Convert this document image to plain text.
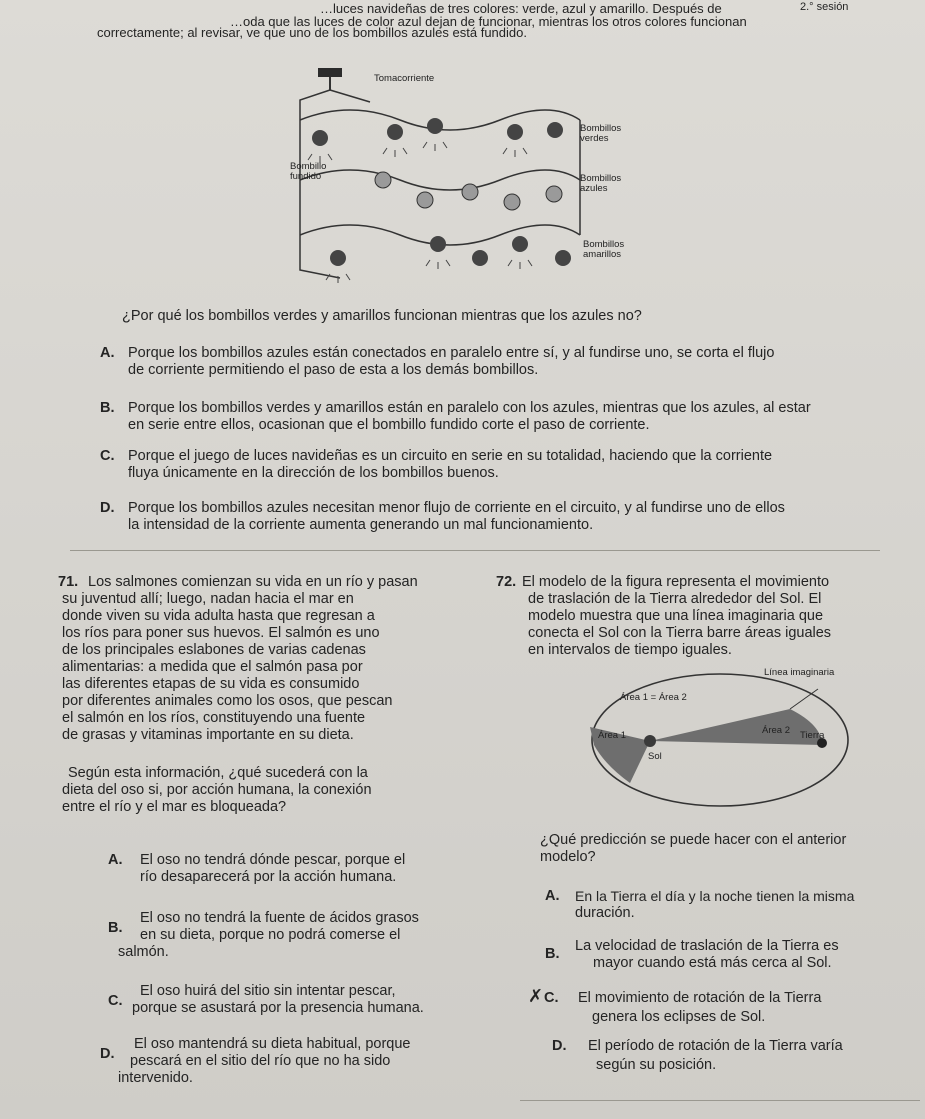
2.° sesión
…luces navideñas de tres colores: verde, azul y amarillo. Después de
…oda que las luces de color azul dejan de funcionar, mientras los otros colores funcionan
correctamente; al revisar, ve que uno de los bombillos azules está fundido.
Tomacorriente
Bombillos verdes
Bombillo fundido	Bombillos azules
Bombillos amarillos
¿Por qué los bombillos verdes y amarillos funcionan mientras que los azules no?
A. Porque los bombillos azules están conectados en paralelo entre sí, y al fundirse uno, se corta el flujo
de corriente permitiendo el paso de esta a los demás bombillos.
B. Porque los bombillos verdes y amarillos están en paralelo con los azules, mientras que los azules, al estar
en serie entre ellos, ocasionan que el bombillo fundido corte el paso de corriente.
C. Porque el juego de luces navideñas es un circuito en serie en su totalidad, haciendo que la corriente
fluya únicamente en la dirección de los bombillos buenos.
D. Porque los bombillos azules necesitan menor flujo de corriente en el circuito, y al fundirse uno de ellos
la intensidad de la corriente aumenta generando un mal funcionamiento.
71. Los salmones comienzan su vida en un río y pasan
su juventud allí; luego, nadan hacia el mar en
donde viven su vida adulta hasta que regresan a
los ríos para poner sus huevos. El salmón es uno
de los principales eslabones de varias cadenas
alimentarias: a medida que el salmón pasa por
las diferentes etapas de su vida es consumido
por diferentes animales como los osos, que pescan
el salmón en los ríos, constituyendo una fuente
de grasas y vitaminas importante en su dieta.
Según esta información, ¿qué sucederá con la
dieta del oso si, por acción humana, la conexión
entre el río y el mar es bloqueada?
A. El oso no tendrá dónde pescar, porque el
río desaparecerá por la acción humana.
B.
El oso no tendrá la fuente de ácidos grasos
en su dieta, porque no podrá comerse el
salmón.
C.
El oso huirá del sitio sin intentar pescar,
porque se asustará por la presencia humana.
D.
El oso mantendrá su dieta habitual, porque
pescará en el sitio del río que no ha sido
intervenido.
72. El modelo de la figura representa el movimiento
de traslación de la Tierra alrededor del Sol. El
modelo muestra que una línea imaginaria que
conecta el Sol con la Tierra barre áreas iguales
en intervalos de tiempo iguales.
Línea imaginaria
Área 1 = Área 2
Área 1	Área 2 Tierra
Sol
¿Qué predicción se puede hacer con el anterior
modelo?
A. En la Tierra el día y la noche tienen la misma
duración.
B. La velocidad de traslación de la Tierra es
mayor cuando está más cerca al Sol.
✗ C. El movimiento de rotación de la Tierra
genera los eclipses de Sol.
D. El período de rotación de la Tierra varía
según su posición.
